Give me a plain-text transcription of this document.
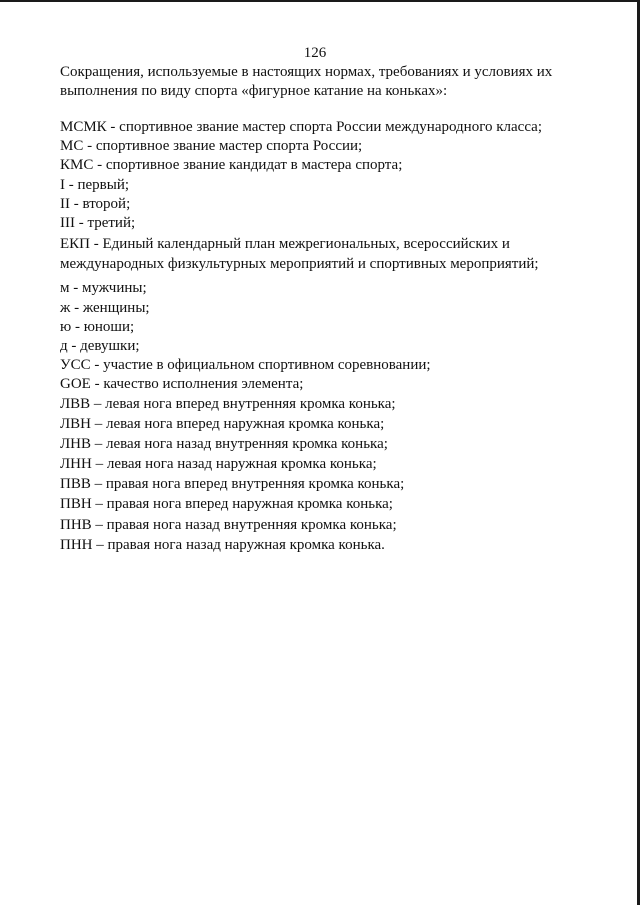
126
Сокращения, используемые в настоящих нормах, требованиях и условиях их
выполнения по виду спорта «фигурное катание на коньках»:
МСМК - спортивное звание мастер спорта России международного класса;
МС - спортивное звание мастер спорта России;
КМС - спортивное звание кандидат в мастера спорта;
I - первый;
II - второй;
III - третий;
ЕКП - Единый календарный план межрегиональных, всероссийских и
международных физкультурных мероприятий и спортивных мероприятий;
м - мужчины;
ж - женщины;
ю - юноши;
д - девушки;
УСС - участие в официальном спортивном соревновании;
GOE - качество исполнения элемента;
ЛВВ – левая нога вперед внутренняя кромка конька;
ЛВН – левая нога вперед наружная кромка конька;
ЛНВ – левая нога назад внутренняя кромка конька;
ЛНН – левая нога назад наружная кромка конька;
ПВВ – правая нога вперед внутренняя кромка конька;
ПВН – правая нога вперед наружная кромка конька;
ПНВ – правая нога назад внутренняя кромка конька;
ПНН – правая нога назад наружная кромка конька.
